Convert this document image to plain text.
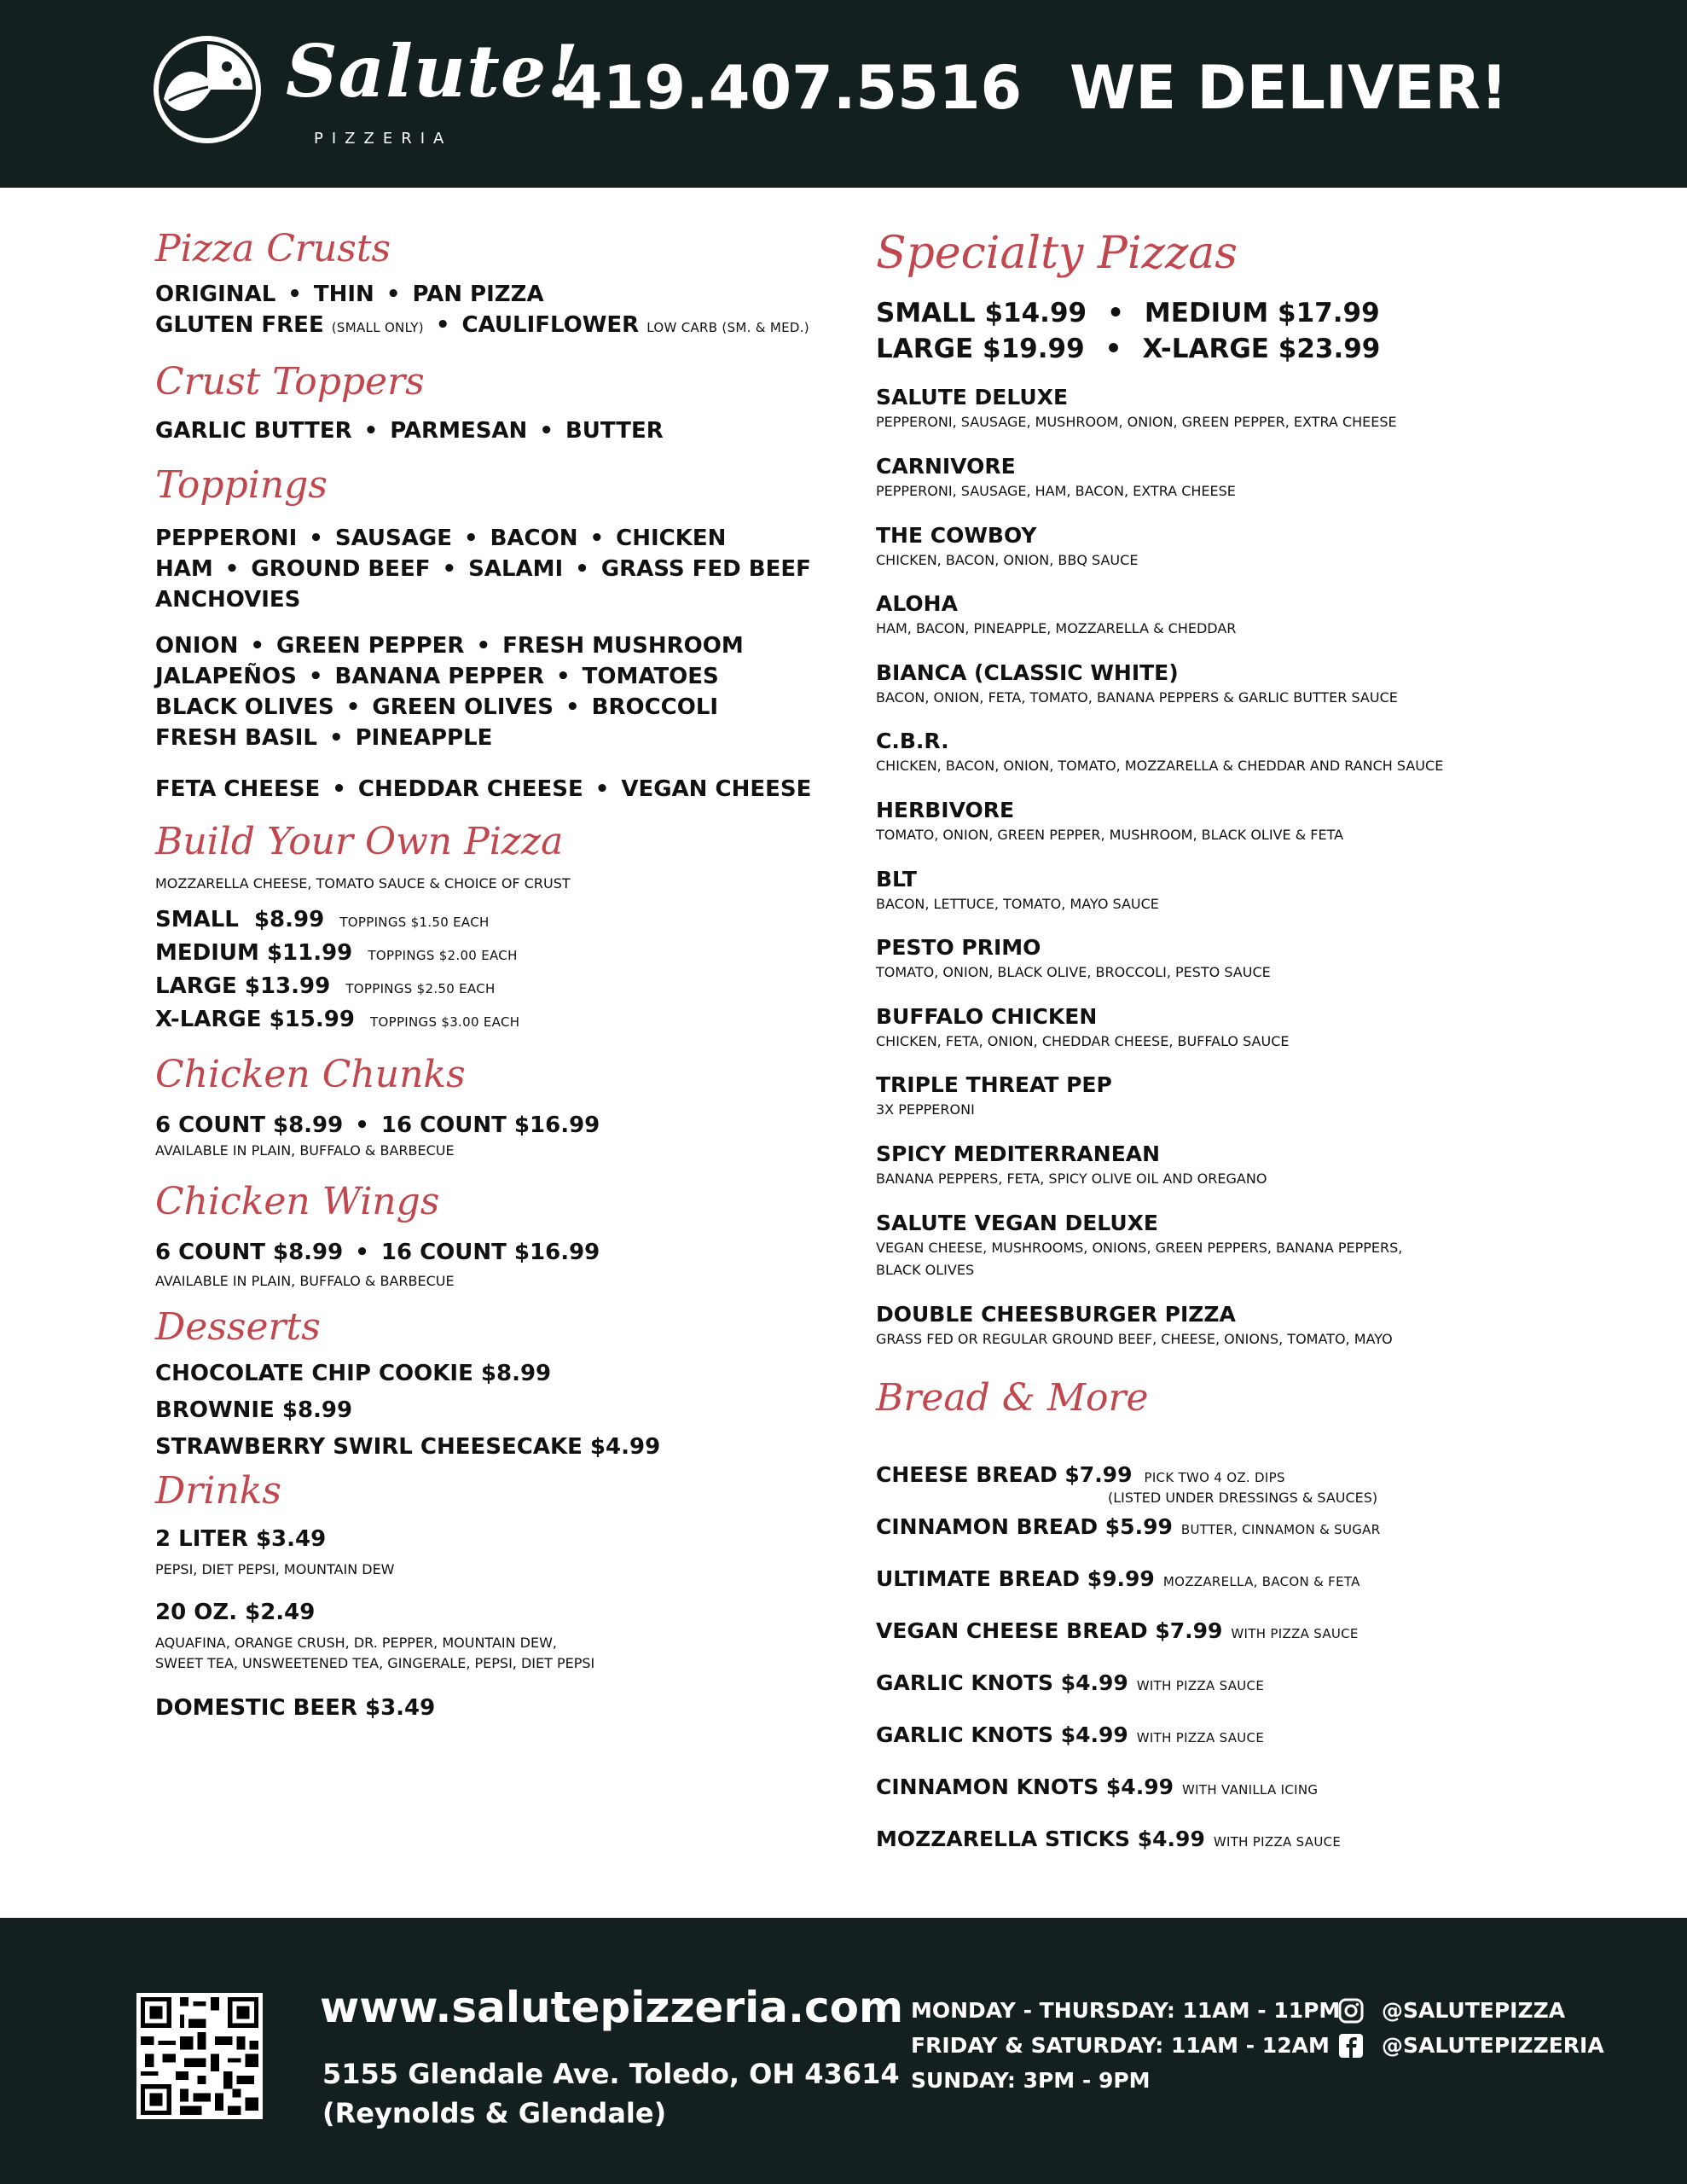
Salute!
PIZZERIA
419.407.5516 WE DELIVER!
Pizza Crusts
ORIGINAL • THIN • PAN PIZZA
GLUTEN FREE (SMALL ONLY) • CAULIFLOWER LOW CARB (SM. & MED.)
Crust Toppers
GARLIC BUTTER • PARMESAN • BUTTER
Toppings
PEPPERONI • SAUSAGE • BACON • CHICKEN
HAM • GROUND BEEF • SALAMI • GRASS FED BEEF
ANCHOVIES
ONION • GREEN PEPPER • FRESH MUSHROOM
JALAPEÑOS • BANANA PEPPER • TOMATOES
BLACK OLIVES • GREEN OLIVES • BROCCOLI
FRESH BASIL • PINEAPPLE
FETA CHEESE • CHEDDAR CHEESE • VEGAN CHEESE
Build Your Own Pizza
MOZZARELLA CHEESE, TOMATO SAUCE & CHOICE OF CRUST
SMALL $8.99 TOPPINGS $1.50 EACH
MEDIUM $11.99 TOPPINGS $2.00 EACH
LARGE $13.99 TOPPINGS $2.50 EACH
X-LARGE $15.99 TOPPINGS $3.00 EACH
Chicken Chunks
6 COUNT $8.99 • 16 COUNT $16.99
AVAILABLE IN PLAIN, BUFFALO & BARBECUE
Chicken Wings
6 COUNT $8.99 • 16 COUNT $16.99
AVAILABLE IN PLAIN, BUFFALO & BARBECUE
Desserts
CHOCOLATE CHIP COOKIE $8.99
BROWNIE $8.99
STRAWBERRY SWIRL CHEESECAKE $4.99
Drinks
2 LITER $3.49
PEPSI, DIET PEPSI, MOUNTAIN DEW
20 OZ. $2.49
AQUAFINA, ORANGE CRUSH, DR. PEPPER, MOUNTAIN DEW,
SWEET TEA, UNSWEETENED TEA, GINGERALE, PEPSI, DIET PEPSI
DOMESTIC BEER $3.49
Specialty Pizzas
SMALL $14.99 • MEDIUM $17.99
LARGE $19.99 • X-LARGE $23.99
SALUTE DELUXE
PEPPERONI, SAUSAGE, MUSHROOM, ONION, GREEN PEPPER, EXTRA CHEESE
CARNIVORE
PEPPERONI, SAUSAGE, HAM, BACON, EXTRA CHEESE
THE COWBOY
CHICKEN, BACON, ONION, BBQ SAUCE
ALOHA
HAM, BACON, PINEAPPLE, MOZZARELLA & CHEDDAR
BIANCA (CLASSIC WHITE)
BACON, ONION, FETA, TOMATO, BANANA PEPPERS & GARLIC BUTTER SAUCE
C.B.R.
CHICKEN, BACON, ONION, TOMATO, MOZZARELLA & CHEDDAR AND RANCH SAUCE
HERBIVORE
TOMATO, ONION, GREEN PEPPER, MUSHROOM, BLACK OLIVE & FETA
BLT
BACON, LETTUCE, TOMATO, MAYO SAUCE
PESTO PRIMO
TOMATO, ONION, BLACK OLIVE, BROCCOLI, PESTO SAUCE
BUFFALO CHICKEN
CHICKEN, FETA, ONION, CHEDDAR CHEESE, BUFFALO SAUCE
TRIPLE THREAT PEP
3X PEPPERONI
SPICY MEDITERRANEAN
BANANA PEPPERS, FETA, SPICY OLIVE OIL AND OREGANO
SALUTE VEGAN DELUXE
VEGAN CHEESE, MUSHROOMS, ONIONS, GREEN PEPPERS, BANANA PEPPERS,
BLACK OLIVES
DOUBLE CHEESBURGER PIZZA
GRASS FED OR REGULAR GROUND BEEF, CHEESE, ONIONS, TOMATO, MAYO
Bread & More
CHEESE BREAD $7.99 PICK TWO 4 OZ. DIPS
(LISTED UNDER DRESSINGS & SAUCES)
CINNAMON BREAD $5.99 BUTTER, CINNAMON & SUGAR
ULTIMATE BREAD $9.99 MOZZARELLA, BACON & FETA
VEGAN CHEESE BREAD $7.99 WITH PIZZA SAUCE
GARLIC KNOTS $4.99 WITH PIZZA SAUCE
GARLIC KNOTS $4.99 WITH PIZZA SAUCE
CINNAMON KNOTS $4.99 WITH VANILLA ICING
MOZZARELLA STICKS $4.99 WITH PIZZA SAUCE
www.salutepizzeria.com
5155 Glendale Ave. Toledo, OH 43614
(Reynolds & Glendale)
MONDAY - THURSDAY: 11AM - 11PM
FRIDAY & SATURDAY: 11AM - 12AM
SUNDAY: 3PM - 9PM
@SALUTEPIZZA
@SALUTEPIZZERIA
